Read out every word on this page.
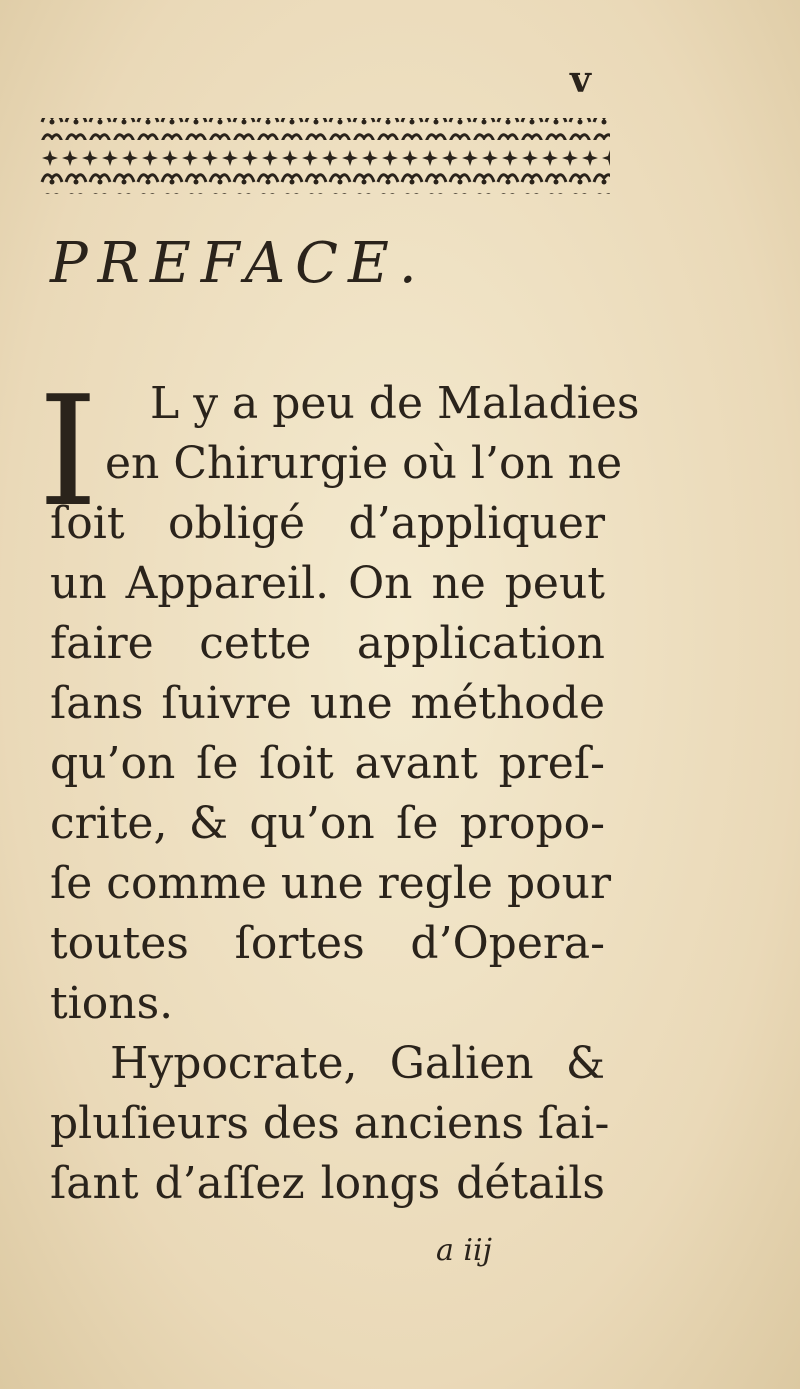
v
PREFACE.
I L y a peu de Maladies
en Chirurgie où l’on ne
ſoit obligé d’appliquer
un Appareil. On ne peut
faire cette application
ſans ſuivre une méthode
qu’on ſe ſoit avant preſ-
crite, & qu’on ſe propo-
ſe comme une regle pour
toutes ſortes d’Opera-
tions.
Hypocrate, Galien &
pluſieurs des anciens ſai-
ſant d’aſſez longs détails
a iij
